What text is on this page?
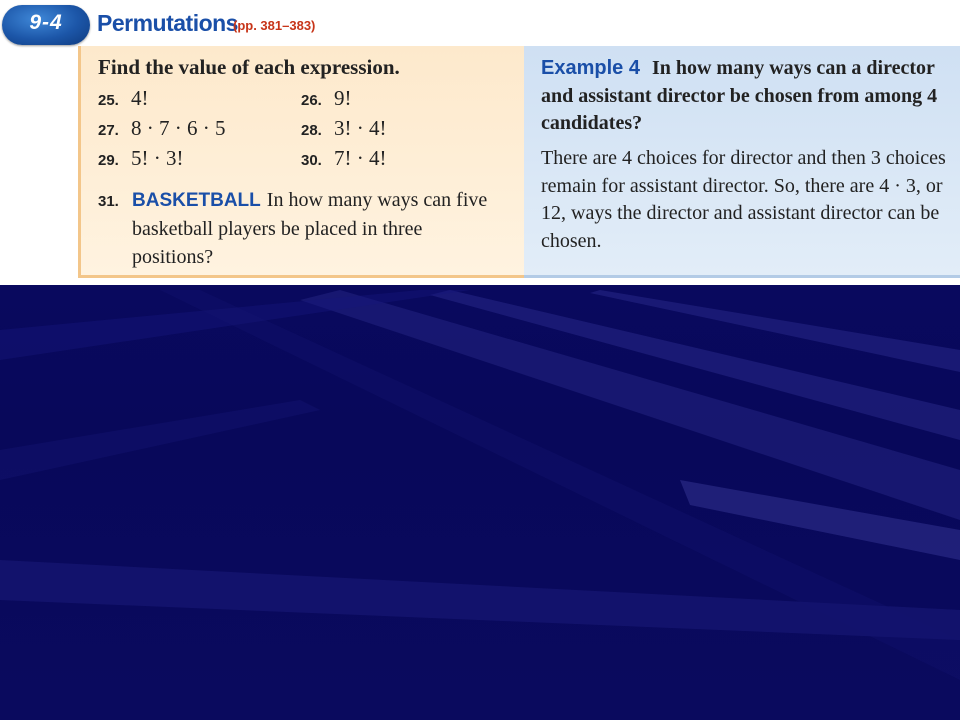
9-4	Permutations
(pp. 381–383)
Find the value of each expression.
25. 4!	26. 9!
27. 8 · 7 · 6 · 5	28. 3! · 4!
29. 5! · 3!	30. 7! · 4!
31. BASKETBALL In how many ways can five basketball players be placed in three positions?
Example 4 In how many ways can a director and assistant director be chosen from among 4 candidates?
There are 4 choices for director and then 3 choices remain for assistant director. So, there are 4 · 3, or 12, ways the director and assistant director can be chosen.
